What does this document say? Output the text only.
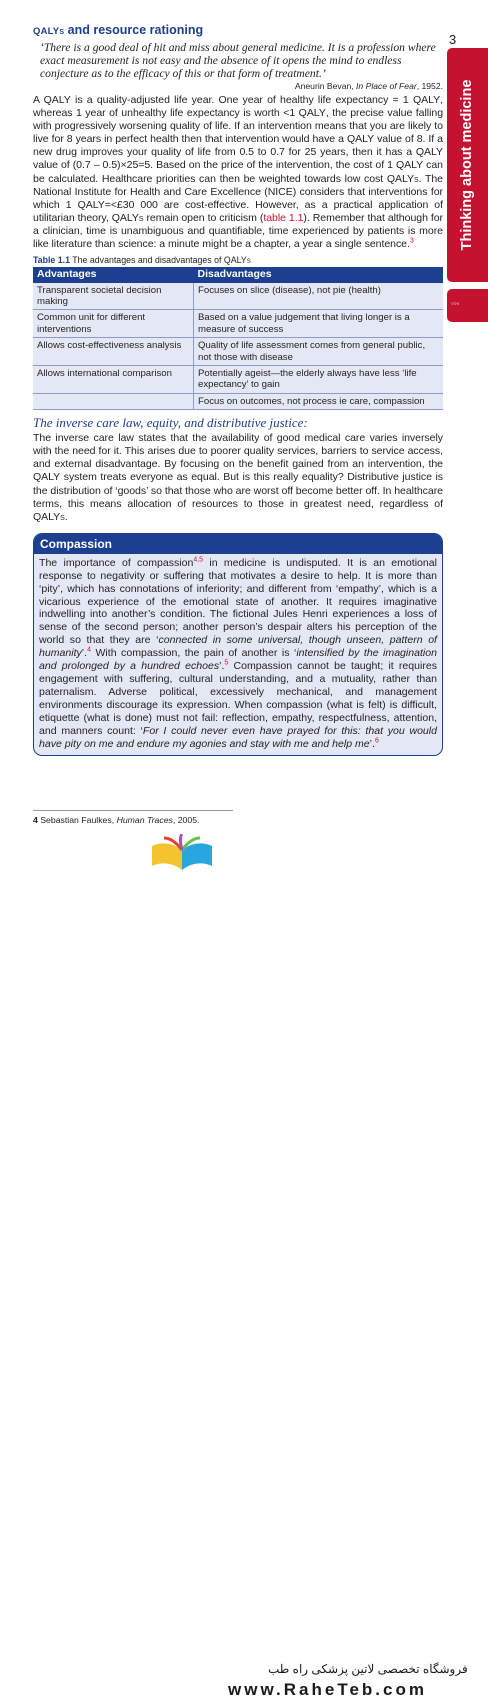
3
Thinking about medicine
◦◦◦
QALYs and resource rationing
‘There is a good deal of hit and miss about general medicine. It is a profession where exact measurement is not easy and the absence of it opens the mind to endless conjecture as to the efficacy of this or that form of treatment.’
Aneurin Bevan, In Place of Fear, 1952.

A QALY is a quality-adjusted life year. One year of healthy life expectancy = 1 QALY, whereas 1 year of unhealthy life expectancy is worth <1 QALY, the precise value falling with progressively worsening quality of life. If an intervention means that you are likely to live for 8 years in perfect health then that intervention would have a QALY value of 8. If a new drug improves your quality of life from 0.5 to 0.7 for 25 years, then it has a QALY value of (0.7 – 0.5)×25=5. Based on the price of the intervention, the cost of 1 QALY can be calculated. Healthcare priorities can then be weighted towards low cost QALYs. The National Institute for Health and Care Excellence (NICE) considers that interventions for which 1 QALY=<£30 000 are cost-effective. However, as a practical application of utilitarian theory, QALYs remain open to criticism (table 1.1). Remember that although for a clinician, time is unambiguous and quantifiable, time experienced by patients is more like literature than science: a minute might be a chapter, a year a single sentence.$^3$

Table 1.1 The advantages and disadvantages of QALYs
Advantages	Disadvantages
Transparent societal decision making	Focuses on slice (disease), not pie (health)
Common unit for different interventions	Based on a value judgement that living longer is a measure of success
Allows cost-effectiveness analysis	Quality of life assessment comes from general public, not those with disease
Allows international comparison	Potentially ageist—the elderly always have less ‘life expectancy’ to gain
	Focus on outcomes, not process ie care, compassion
The inverse care law, equity, and distributive justice:

The inverse care law states that the availability of good medical care varies inversely with the need for it. This arises due to poorer quality services, barriers to service access, and external disadvantage. By focusing on the benefit gained from an intervention, the QALY system treats everyone as equal. But is this really equality? Distributive justice is the distribution of ‘goods’ so that those who are worst off become better off. In healthcare terms, this means allocation of resources to those in greatest need, regardless of QALYs.

Compassion

The importance of compassion$^{4,5}$ in medicine is undisputed. It is an emotional response to negativity or suffering that motivates a desire to help. It is more than ‘pity’, which has connotations of inferiority; and different from ‘empathy’, which is a vicarious experience of the emotional state of another. It requires imaginative indwelling into another’s condition. The fictional Jules Henri experiences a loss of sense of the second person; another person’s despair alters his perception of the world so that they are ‘connected in some universal, though unseen, pattern of humanity’.$^4$ With compassion, the pain of another is ‘intensified by the imagination and prolonged by a hundred echoes’.$^5$ Compassion cannot be taught; it requires engagement with suffering, cultural understanding, and a mutuality, rather than paternalism. Adverse political, excessively mechanical, and management environments discourage its expression. When compassion (what is felt) is difficult, etiquette (what is done) must not fail: reflection, empathy, respectfulness, attention, and manners count: ‘For I could never even have prayed for this: that you would have pity on me and endure my agonies and stay with me and help me’.$^6$

4 Sebastian Faulkes, Human Traces, 2005.
فروشگاه تخصصی لاتین پزشکی راه طب
www.RaheTeb.com
